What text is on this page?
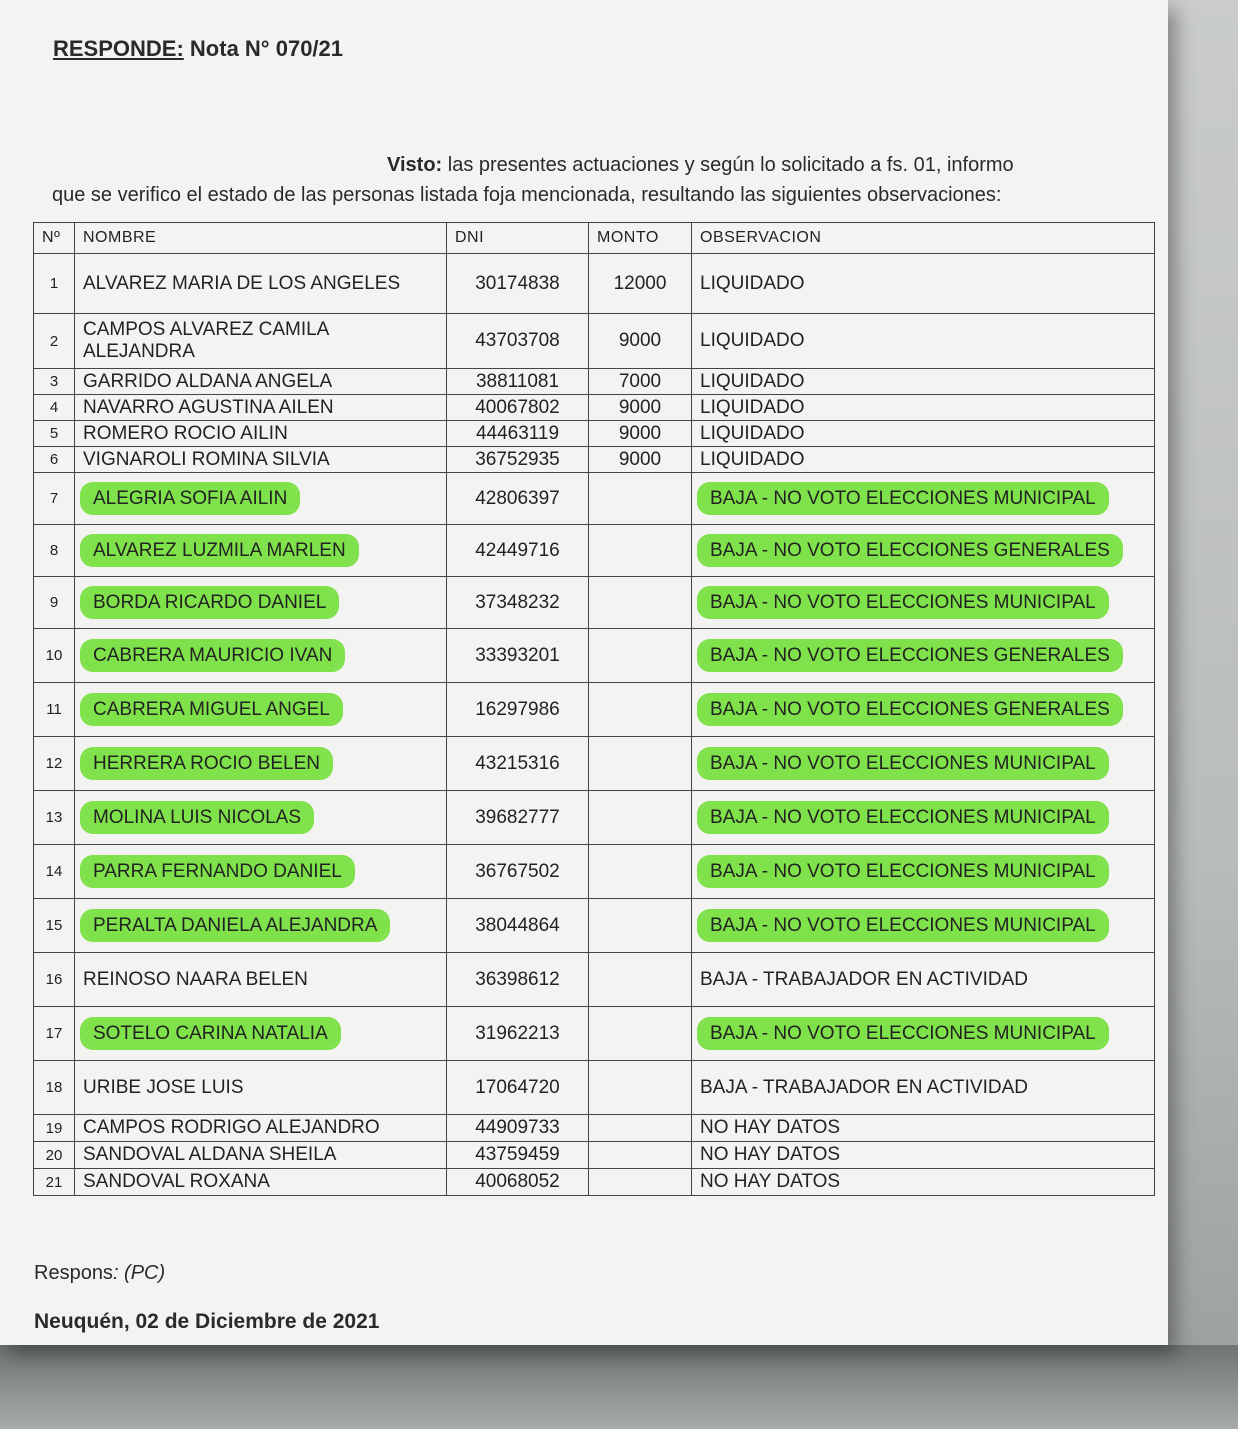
RESPONDE: Nota N° 070/21
Visto: las presentes actuaciones y según lo solicitado a fs. 01, informo
que se verifico el estado de las personas listada foja mencionada, resultando las siguientes observaciones:
Nº	NOMBRE	DNI	MONTO	OBSERVACION
1	ALVAREZ MARIA DE LOS ANGELES	30174838	12000	LIQUIDADO
2	CAMPOS ALVAREZ CAMILA ALEJANDRA	43703708	9000	LIQUIDADO
3	GARRIDO ALDANA ANGELA	38811081	7000	LIQUIDADO
4	NAVARRO AGUSTINA AILEN	40067802	9000	LIQUIDADO
5	ROMERO ROCIO AILIN	44463119	9000	LIQUIDADO
6	VIGNAROLI ROMINA SILVIA	36752935	9000	LIQUIDADO
7	ALEGRIA SOFIA AILIN	42806397		BAJA - NO VOTO ELECCIONES MUNICIPAL
8	ALVAREZ LUZMILA MARLEN	42449716		BAJA - NO VOTO ELECCIONES GENERALES
9	BORDA RICARDO DANIEL	37348232		BAJA - NO VOTO ELECCIONES MUNICIPAL
10	CABRERA MAURICIO IVAN	33393201		BAJA - NO VOTO ELECCIONES GENERALES
11	CABRERA MIGUEL ANGEL	16297986		BAJA - NO VOTO ELECCIONES GENERALES
12	HERRERA ROCIO BELEN	43215316		BAJA - NO VOTO ELECCIONES MUNICIPAL
13	MOLINA LUIS NICOLAS	39682777		BAJA - NO VOTO ELECCIONES MUNICIPAL
14	PARRA FERNANDO DANIEL	36767502		BAJA - NO VOTO ELECCIONES MUNICIPAL
15	PERALTA DANIELA ALEJANDRA	38044864		BAJA - NO VOTO ELECCIONES MUNICIPAL
16	REINOSO NAARA BELEN	36398612		BAJA - TRABAJADOR EN ACTIVIDAD
17	SOTELO CARINA NATALIA	31962213		BAJA - NO VOTO ELECCIONES MUNICIPAL
18	URIBE JOSE LUIS	17064720		BAJA - TRABAJADOR EN ACTIVIDAD
19	CAMPOS RODRIGO ALEJANDRO	44909733		NO HAY DATOS
20	SANDOVAL ALDANA SHEILA	43759459		NO HAY DATOS
21	SANDOVAL ROXANA	40068052		NO HAY DATOS
Respons: (PC)
Neuquén, 02 de Diciembre de 2021
